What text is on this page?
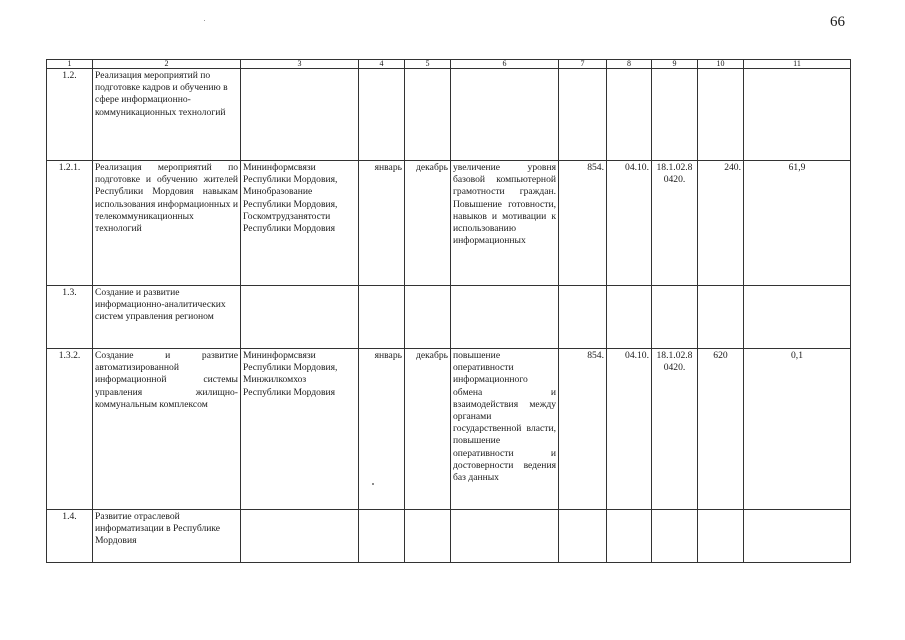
66
1	2	3	4	5	6	7	8	9	10	11
1.2.	Реализация мероприятий по подготовке кадров и обучению в сфере информационно-коммуникационных технологий									
1.2.1.	Реализация мероприятий по подготовке и обучению жителей Республики Мордовия навыкам использования информационных и телекоммуникационных технологий	Мининформсвязи Республики Мордовия, Минобразование Республики Мордовия, Госкомтрудзанятости Республики Мордовия	январь	декабрь	увеличение уровня базовой компьютерной грамотности граждан. Повышение готовности, навыков и мотивации к использованию информационных	854.	04.10.	18.1.02.8 0420.	240.	61,9
1.3.	Создание и развитие информационно-аналитических систем управления регионом									
1.3.2.	Создание и развитие автоматизированной информационной системы управления жилищно-коммунальным комплексом	Мининформсвязи Республики Мордовия, Минжилкомхоз Республики Мордовия	январь	декабрь	повышение оперативности информационного обмена и взаимодействия между органами государственной власти, повышение оперативности и достоверности ведения баз данных	854.	04.10.	18.1.02.8 0420.	620	0,1
1.4.	Развитие отраслевой информатизации в Республике Мордовия									
